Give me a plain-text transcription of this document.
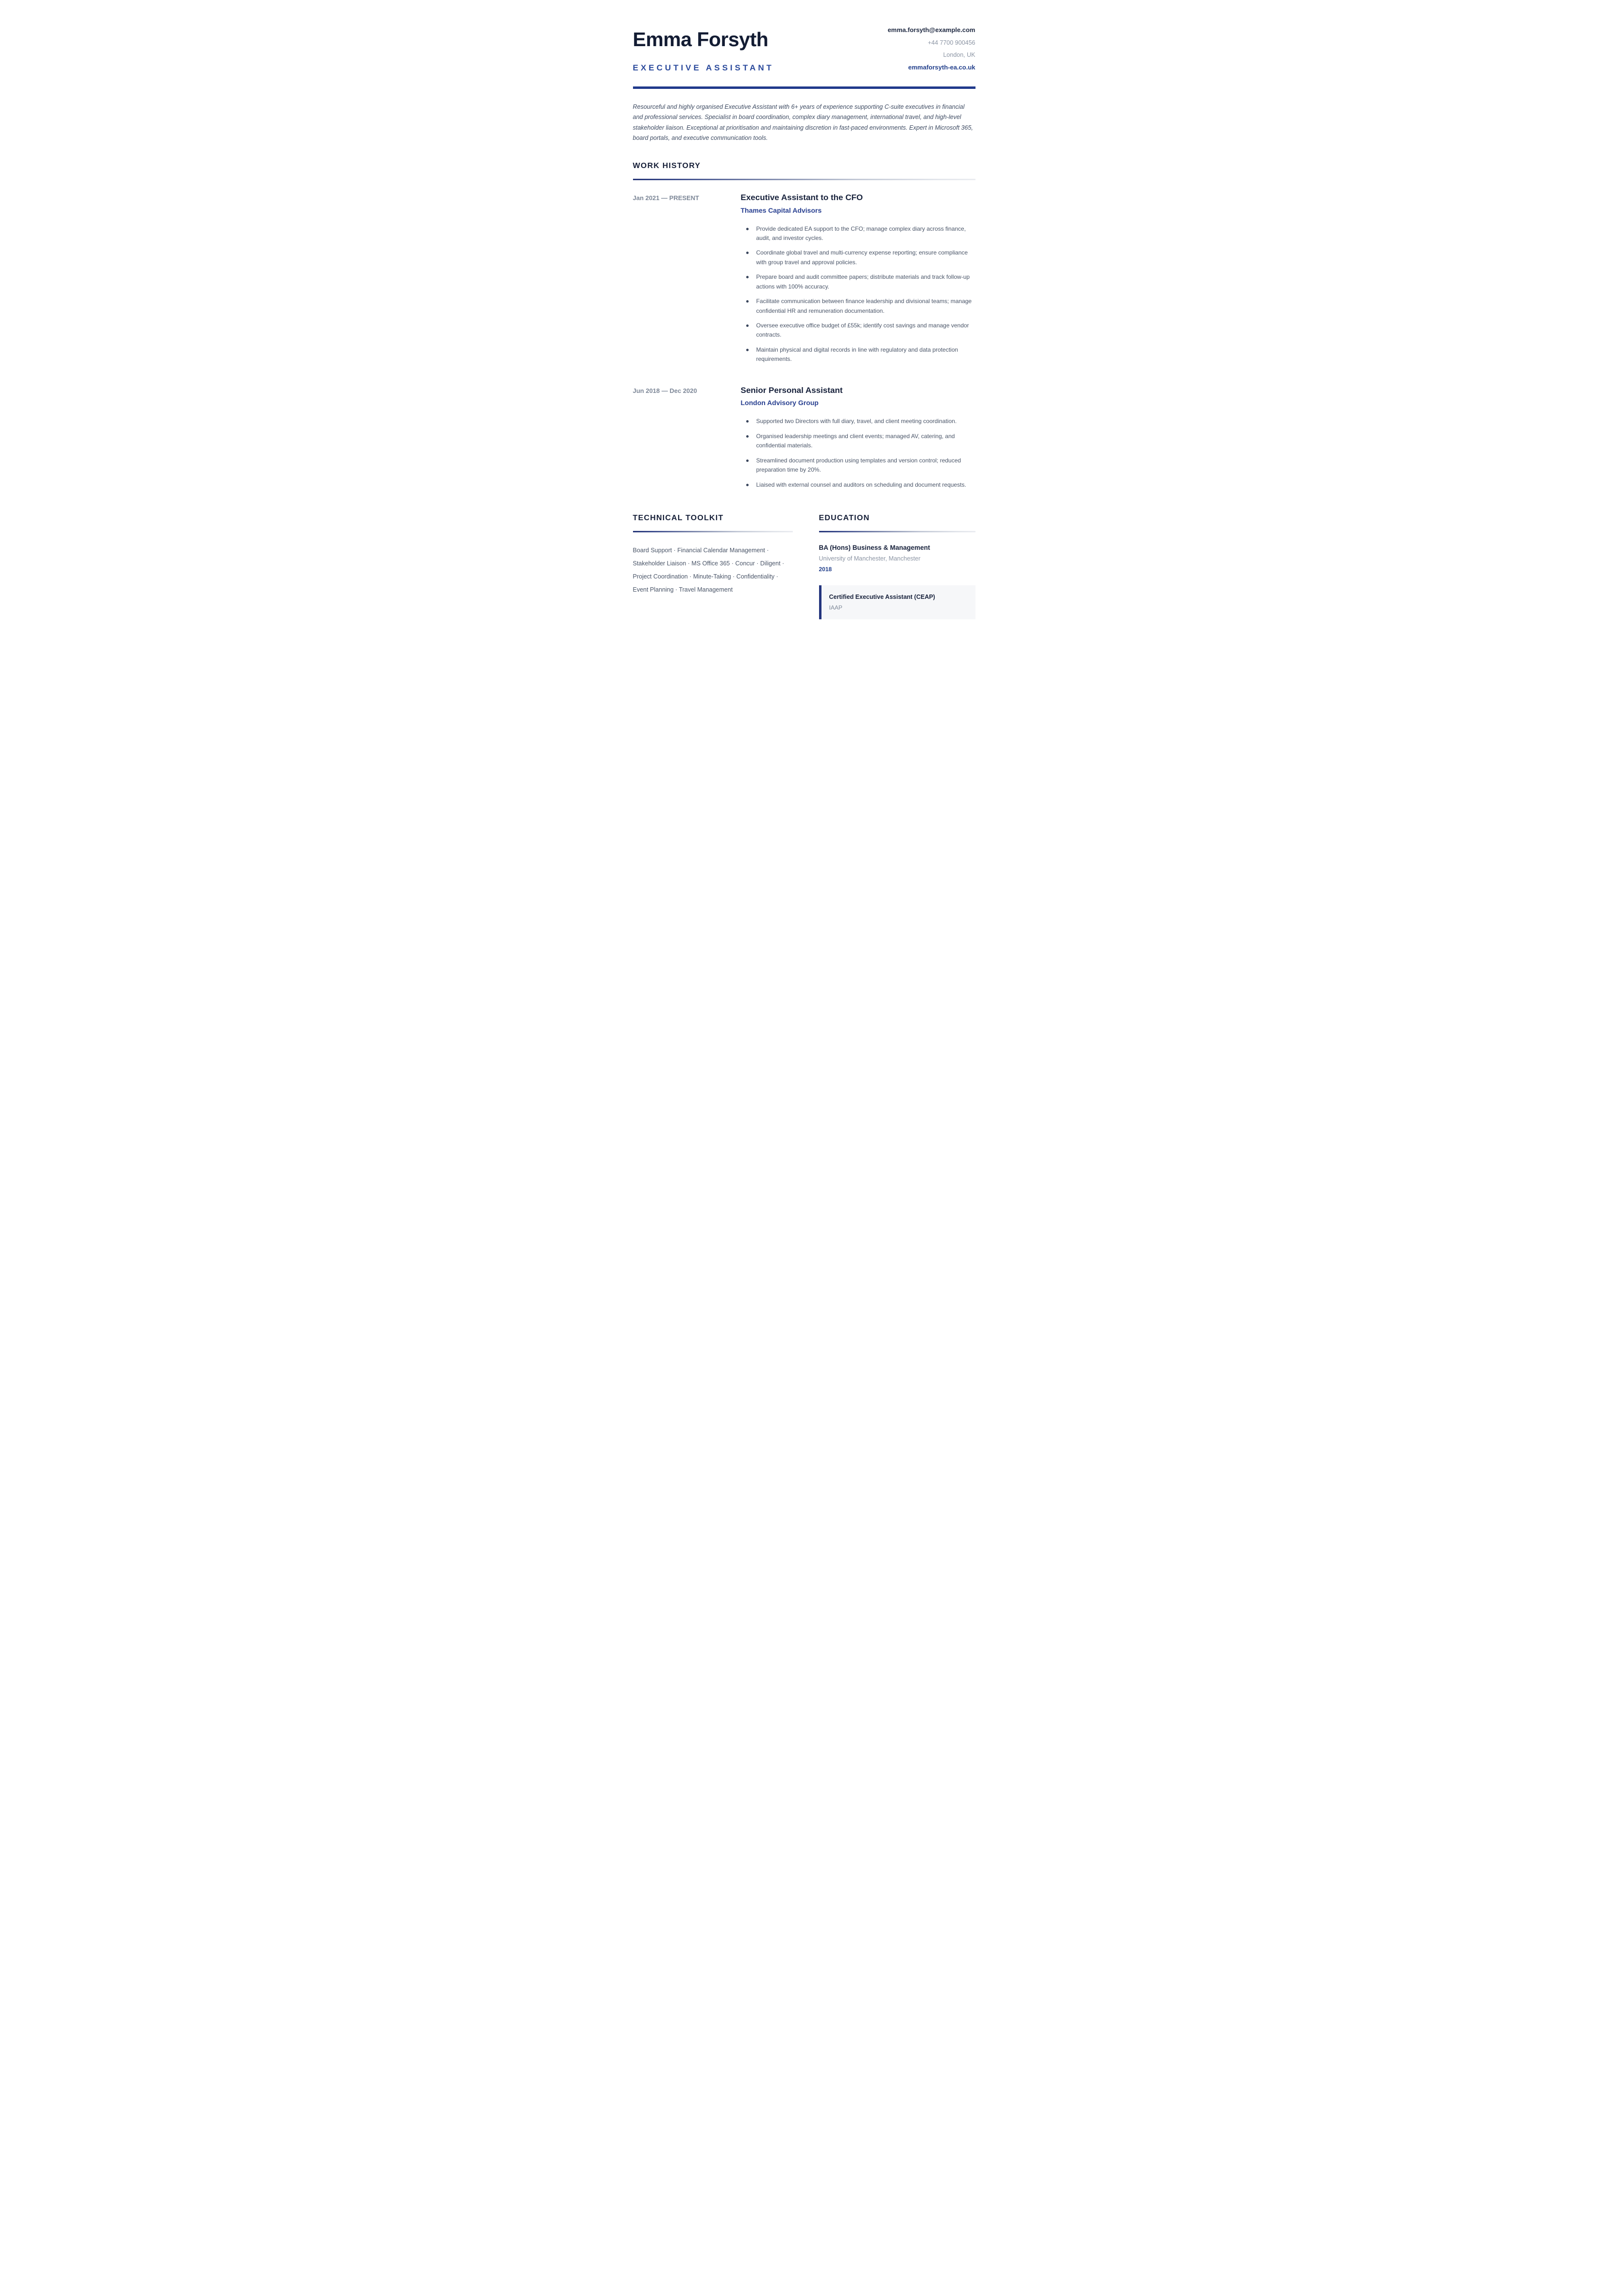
Emma Forsyth
EXECUTIVE ASSISTANT
emma.forsyth@example.com
+44 7700 900456
London, UK
emmaforsyth-ea.co.uk

Resourceful and highly organised Executive Assistant with 6+ years of experience supporting C-suite executives in financial and professional services. Specialist in board coordination, complex diary management, international travel, and high-level stakeholder liaison. Exceptional at prioritisation and maintaining discretion in fast-paced environments. Expert in Microsoft 365, board portals, and executive communication tools.

WORK HISTORY
Jan 2021 — PRESENT	Executive Assistant to the CFO
Thames Capital Advisors
Provide dedicated EA support to the CFO; manage complex diary across finance, audit, and investor cycles.
Coordinate global travel and multi-currency expense reporting; ensure compliance with group travel and approval policies.
Prepare board and audit committee papers; distribute materials and track follow-up actions with 100% accuracy.
Facilitate communication between finance leadership and divisional teams; manage confidential HR and remuneration documentation.
Oversee executive office budget of £55k; identify cost savings and manage vendor contracts.
Maintain physical and digital records in line with regulatory and data protection requirements.
Jun 2018 — Dec 2020	Senior Personal Assistant
London Advisory Group
Supported two Directors with full diary, travel, and client meeting coordination.
Organised leadership meetings and client events; managed AV, catering, and confidential materials.
Streamlined document production using templates and version control; reduced preparation time by 20%.
Liaised with external counsel and auditors on scheduling and document requests.
TECHNICAL TOOLKIT

Board Support · Financial Calendar Management · Stakeholder Liaison · MS Office 365 · Concur · Diligent · Project Coordination · Minute-Taking · Confidentiality · Event Planning · Travel Management

EDUCATION
BA (Hons) Business & Management
University of Manchester, Manchester
2018
Certified Executive Assistant (CEAP)
IAAP
